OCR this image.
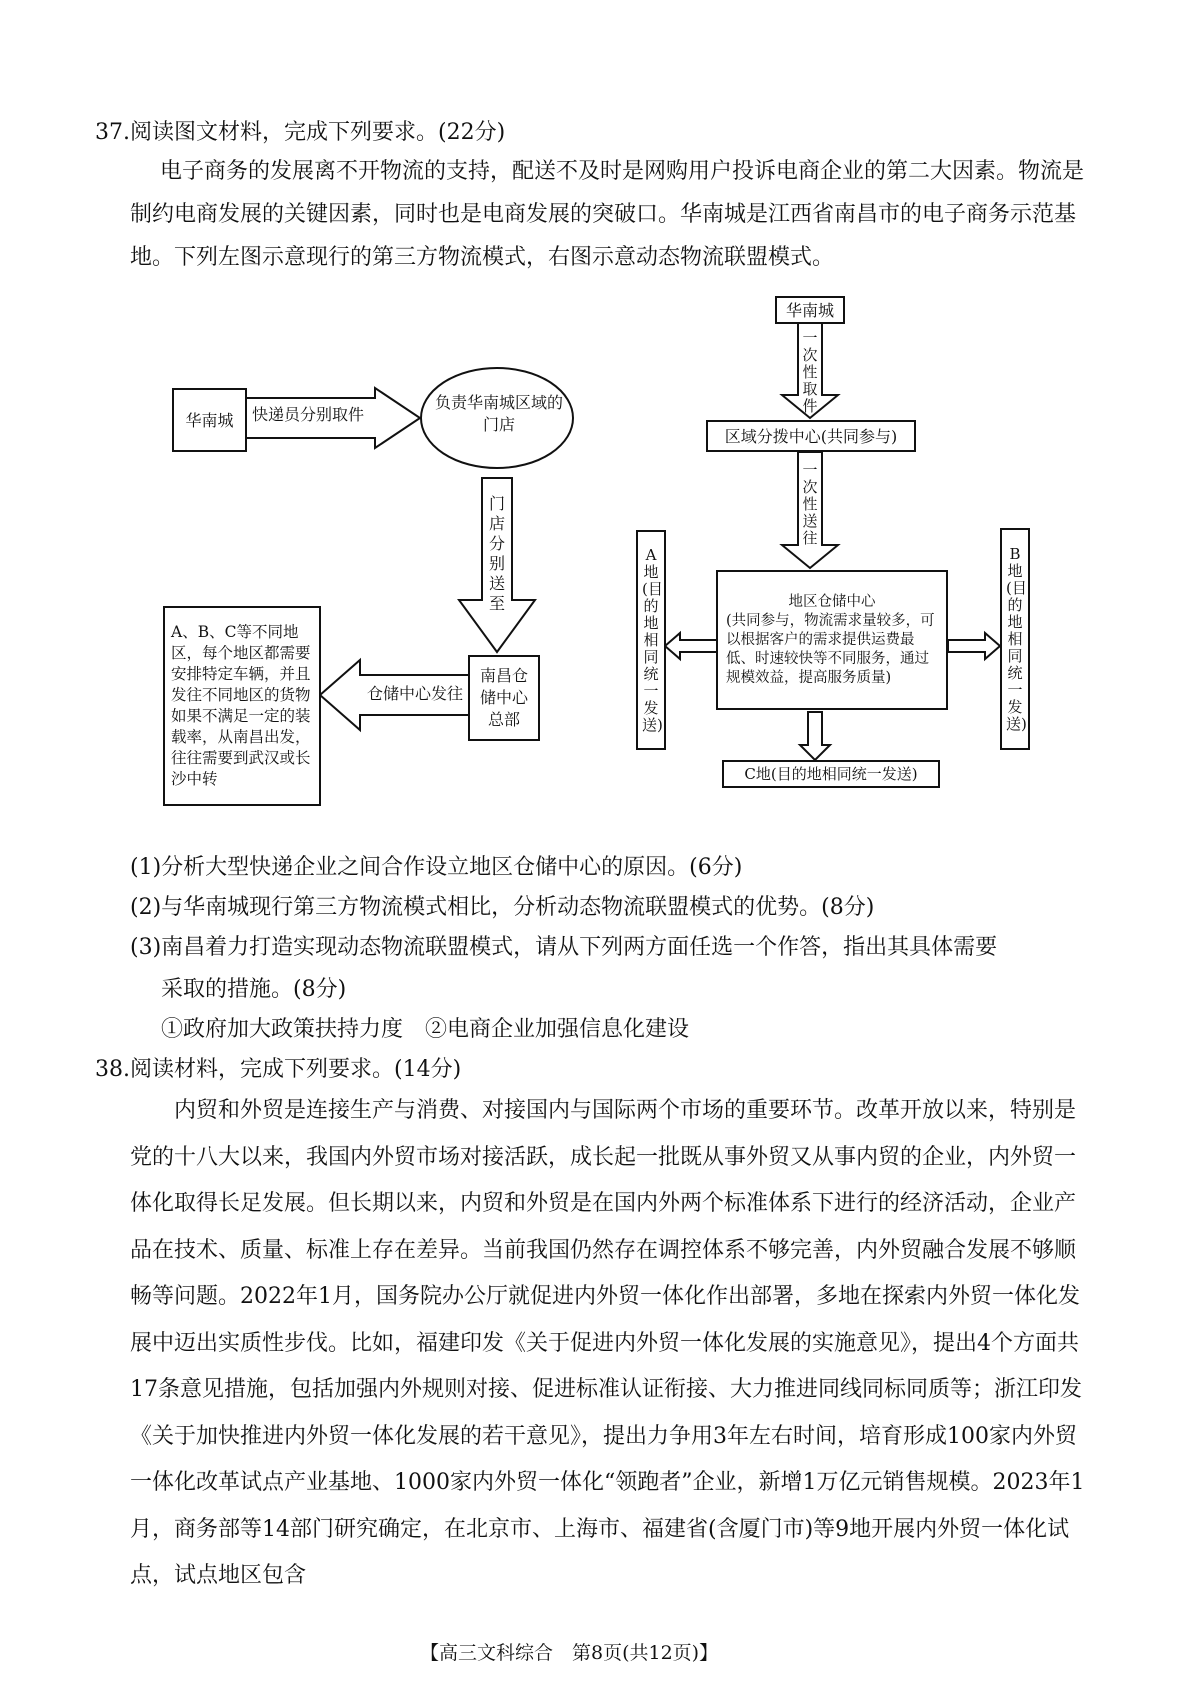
37.阅读图文材料，完成下列要求。(22分)

电子商务的发展离不开物流的支持，配送不及时是网购用户投诉电商企业的第二大因素。物流是制约电商发展的关键因素，同时也是电商发展的突破口。华南城是江西省南昌市的电子商务示范基地。下列左图示意现行的第三方物流模式，右图示意动态物流联盟模式。

华南城	快递员分别取件
负责华南城区域的门店
门店分别送至
南昌仓储中心总部
仓储中心发往
A、B、C等不同地区，每个地区都需要安排特定车辆，并且发往不同地区的货物如果不满足一定的装载率，从南昌出发，往往需要到武汉或长沙中转
华南城
一次性取件
区域分拨中心(共同参与)
一次性送往
地区仓储中心
(共同参与，物流需求量较多，可以根据客户的需求提供运费最低、时速较快等不同服务，通过规模效益，提高服务质量)
A地(目的地相同统一发送)
B地(目的地相同统一发送)
C地(目的地相同统一发送)
(1)分析大型快递企业之间合作设立地区仓储中心的原因。(6分)
(2)与华南城现行第三方物流模式相比，分析动态物流联盟模式的优势。(8分)
(3)南昌着力打造实现动态物流联盟模式，请从下列两方面任选一个作答，指出其具体需要
采取的措施。(8分)
①政府加大政策扶持力度　②电商企业加强信息化建设
38.阅读材料，完成下列要求。(14分)

内贸和外贸是连接生产与消费、对接国内与国际两个市场的重要环节。改革开放以来，特别是党的十八大以来，我国内外贸市场对接活跃，成长起一批既从事外贸又从事内贸的企业，内外贸一体化取得长足发展。但长期以来，内贸和外贸是在国内外两个标准体系下进行的经济活动，企业产品在技术、质量、标准上存在差异。当前我国仍然存在调控体系不够完善，内外贸融合发展不够顺畅等问题。2022年1月，国务院办公厅就促进内外贸一体化作出部署，多地在探索内外贸一体化发展中迈出实质性步伐。比如，福建印发《关于促进内外贸一体化发展的实施意见》，提出4个方面共17条意见措施，包括加强内外规则对接、促进标准认证衔接、大力推进同线同标同质等；浙江印发《关于加快推进内外贸一体化发展的若干意见》，提出力争用3年左右时间，培育形成100家内外贸一体化改革试点产业基地、1000家内外贸一体化“领跑者”企业，新增1万亿元销售规模。2023年1月，商务部等14部门研究确定，在北京市、上海市、福建省(含厦门市)等9地开展内外贸一体化试点，试点地区包含

【高三文科综合　第8页(共12页)】
